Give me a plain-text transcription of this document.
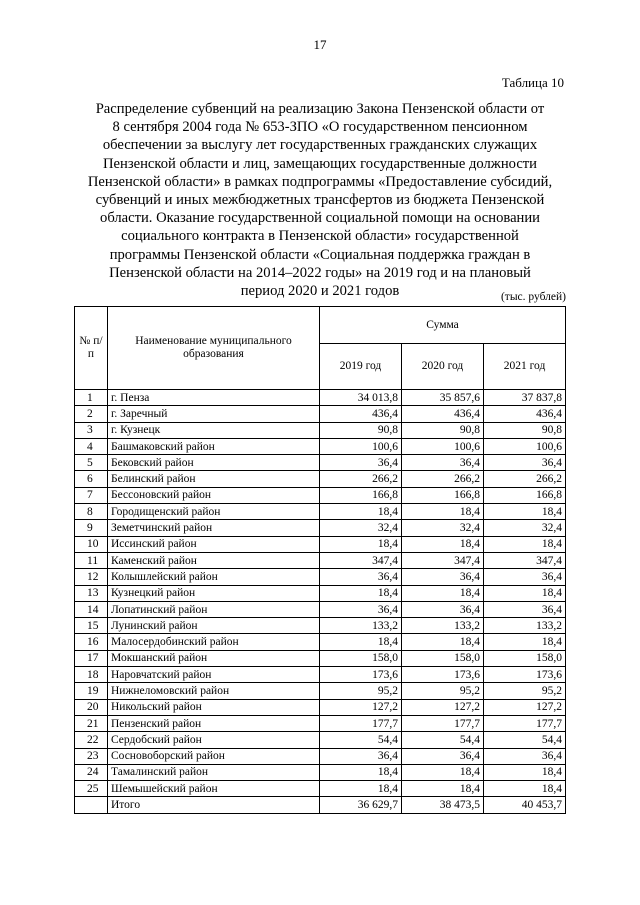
17
Таблица 10
Распределение субвенций на реализацию Закона Пензенской области от
8 сентября 2004 года № 653-ЗПО «О государственном пенсионном
обеспечении за выслугу лет государственных гражданских служащих
Пензенской области и лиц, замещающих государственные должности
Пензенской области» в рамках подпрограммы «Предоставление субсидий,
субвенций и иных межбюджетных трансфертов из бюджета Пензенской
области. Оказание государственной социальной помощи на основании
социального контракта в Пензенской области» государственной
программы Пензенской области «Социальная поддержка граждан в
Пензенской области на 2014–2022 годы» на 2019 год и на плановый
период 2020 и 2021 годов	(тыс. рублей)
№ п/п	Наименование муниципального образования	Сумма		
		2019 год	2020 год	2021 год
1	г. Пенза	34 013,8	35 857,6	37 837,8
2	г. Заречный	436,4	436,4	436,4
3	г. Кузнецк	90,8	90,8	90,8
4	Башмаковский район	100,6	100,6	100,6
5	Бековский район	36,4	36,4	36,4
6	Белинский район	266,2	266,2	266,2
7	Бессоновский район	166,8	166,8	166,8
8	Городищенский район	18,4	18,4	18,4
9	Земетчинский район	32,4	32,4	32,4
10	Иссинский район	18,4	18,4	18,4
11	Каменский район	347,4	347,4	347,4
12	Колышлейский район	36,4	36,4	36,4
13	Кузнецкий район	18,4	18,4	18,4
14	Лопатинский район	36,4	36,4	36,4
15	Лунинский район	133,2	133,2	133,2
16	Малосердобинский район	18,4	18,4	18,4
17	Мокшанский район	158,0	158,0	158,0
18	Наровчатский район	173,6	173,6	173,6
19	Нижнеломовский район	95,2	95,2	95,2
20	Никольский район	127,2	127,2	127,2
21	Пензенский район	177,7	177,7	177,7
22	Сердобский район	54,4	54,4	54,4
23	Сосновоборский район	36,4	36,4	36,4
24	Тамалинский район	18,4	18,4	18,4
25	Шемышейский район	18,4	18,4	18,4
	Итого	36 629,7	38 473,5	40 453,7
